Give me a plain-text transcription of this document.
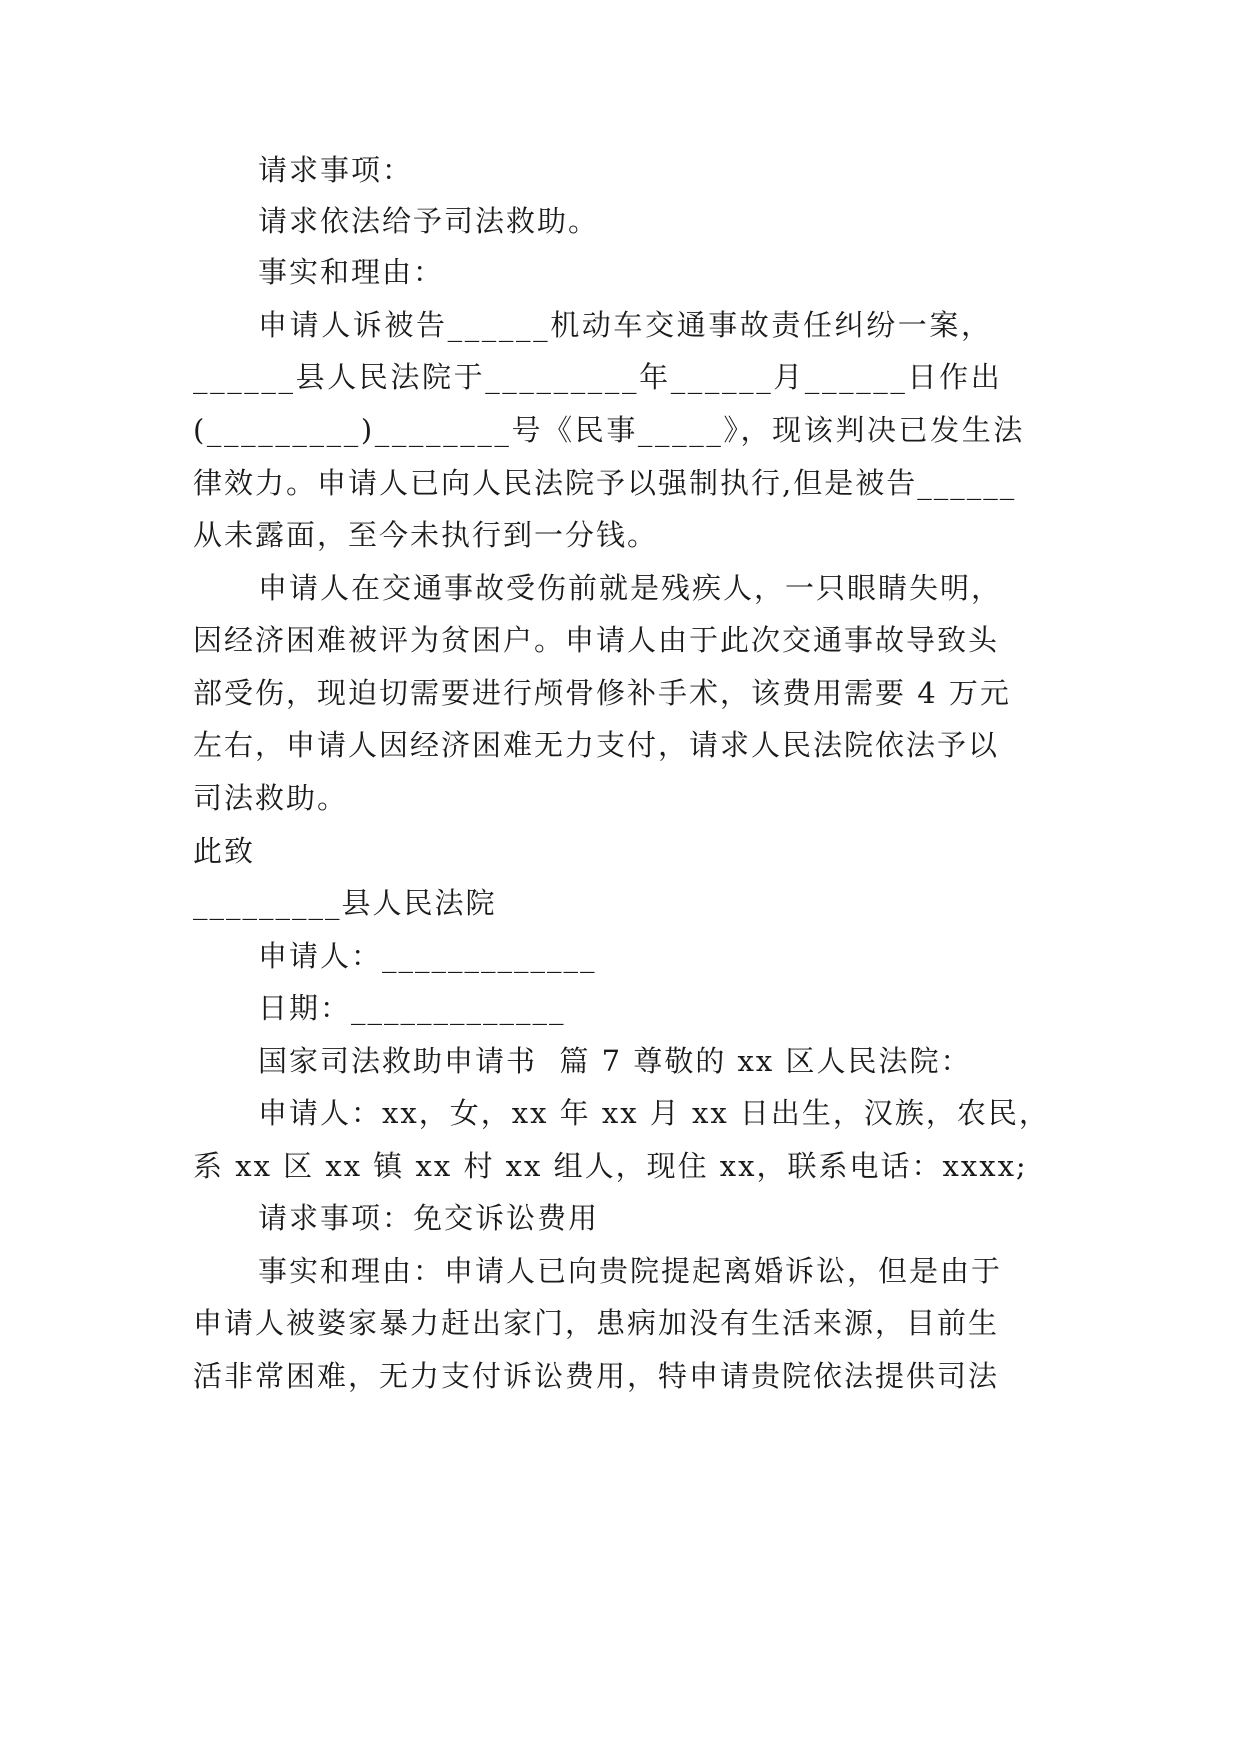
请求事项：
请求依法给予司法救助。
事实和理由：
申请人诉被告______机动车交通事故责任纠纷一案，
______县人民法院于_________年______月______日作出
(_________)________号《民事_____》，现该判决已发生法
律效力。申请人已向人民法院予以强制执行,但是被告______
从未露面，至今未执行到一分钱。
申请人在交通事故受伤前就是残疾人，一只眼睛失明，
因经济困难被评为贫困户。申请人由于此次交通事故导致头
部受伤，现迫切需要进行颅骨修补手术，该费用需要 4 万元
左右，申请人因经济困难无力支付，请求人民法院依法予以
司法救助。
此致
_________县人民法院
申请人：_____________
日期：_____________
国家司法救助申请书  篇 7 尊敬的 xx 区人民法院：
申请人：xx，女，xx 年 xx 月 xx 日出生，汉族，农民，
系 xx 区 xx 镇 xx 村 xx 组人，现住 xx，联系电话：xxxx;
请求事项：免交诉讼费用
事实和理由：申请人已向贵院提起离婚诉讼，但是由于
申请人被婆家暴力赶出家门，患病加没有生活来源，目前生
活非常困难，无力支付诉讼费用，特申请贵院依法提供司法
